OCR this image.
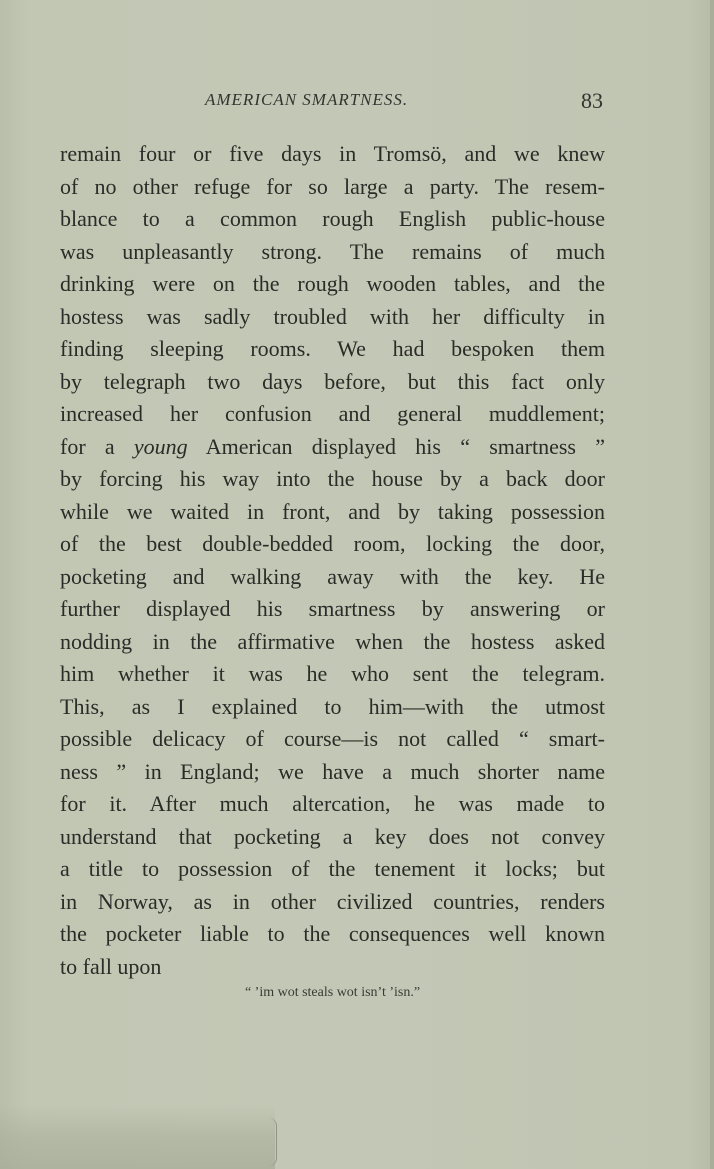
AMERICAN SMARTNESS.	83
remain four or five days in Tromsö, and we knew
of no other refuge for so large a party. The resem-
blance to a common rough English public-house
was unpleasantly strong. The remains of much
drinking were on the rough wooden tables, and the
hostess was sadly troubled with her difficulty in
finding sleeping rooms. We had bespoken them
by telegraph two days before, but this fact only
increased her confusion and general muddlement;
for a young American displayed his “ smartness ”
by forcing his way into the house by a back door
while we waited in front, and by taking possession
of the best double-bedded room, locking the door,
pocketing and walking away with the key. He
further displayed his smartness by answering or
nodding in the affirmative when the hostess asked
him whether it was he who sent the telegram.
This, as I explained to him—with the utmost
possible delicacy of course—is not called “ smart-
ness ” in England; we have a much shorter name
for it. After much altercation, he was made to
understand that pocketing a key does not convey
a title to possession of the tenement it locks; but
in Norway, as in other civilized countries, renders
the pocketer liable to the consequences well known
to fall upon
“ ’im wot steals wot isn’t ’isn.”
